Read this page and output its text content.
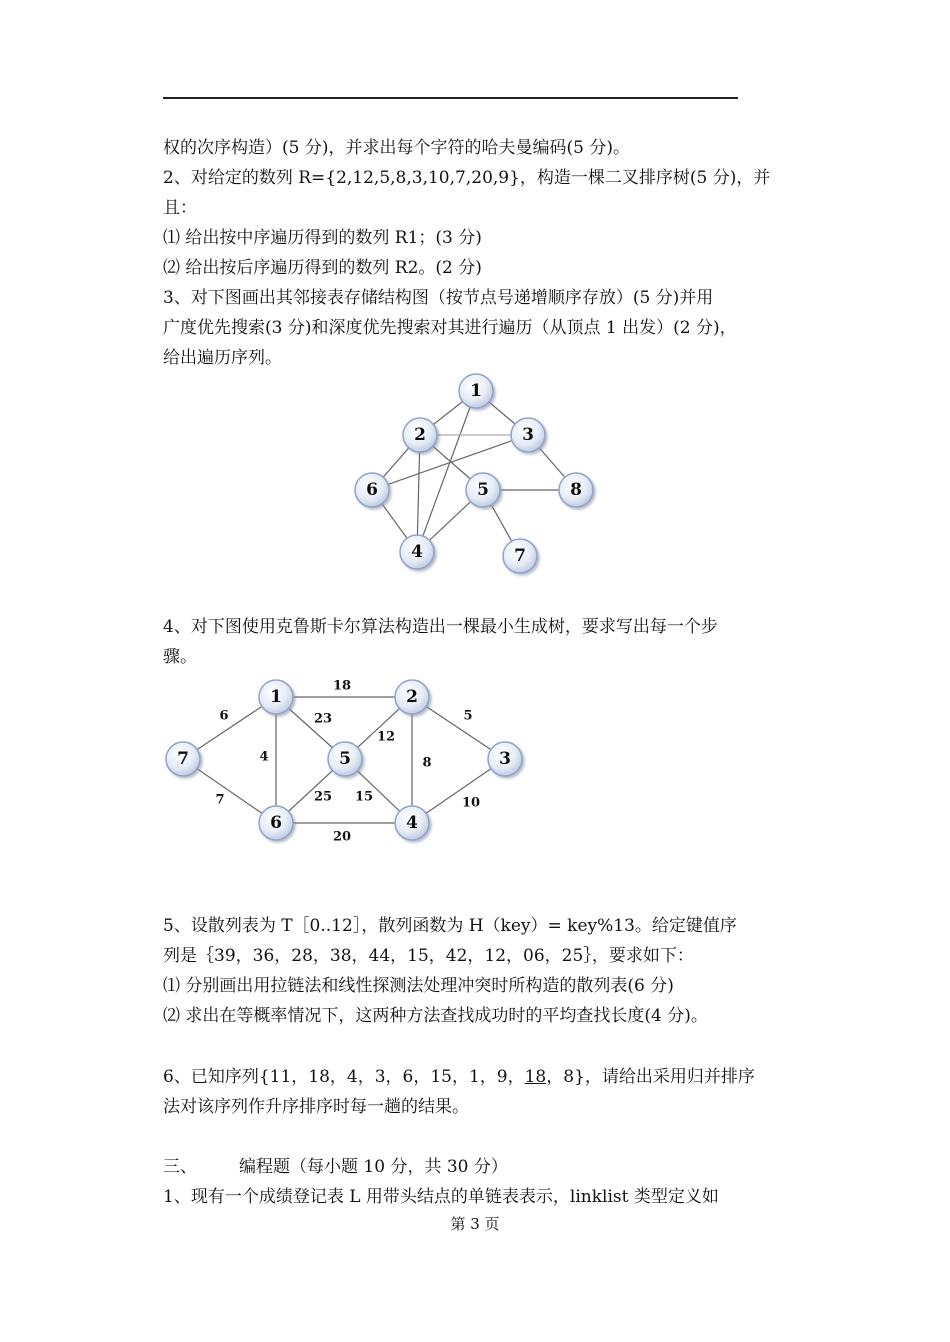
权的次序构造）(5 分)，并求出每个字符的哈夫曼编码(5 分)。
2、对给定的数列 R={2,12,5,8,3,10,7,20,9}，构造一棵二叉排序树(5 分)，并
且：
⑴ 给出按中序遍历得到的数列 R1；(3 分)
⑵ 给出按后序遍历得到的数列 R2。(2 分)
3、对下图画出其邻接表存储结构图（按节点号递增顺序存放）(5 分)并用
广度优先搜索(3 分)和深度优先搜索对其进行遍历（从顶点 1 出发）(2 分)，
给出遍历序列。
4、对下图使用克鲁斯卡尔算法构造出一棵最小生成树，要求写出每一个步
骤。
5、设散列表为 T［0..12］，散列函数为 H（key）= key%13。给定键值序
列是｛39，36，28，38，44，15，42，12，06，25｝，要求如下：
⑴ 分别画出用拉链法和线性探测法处理冲突时所构造的散列表(6 分)
⑵ 求出在等概率情况下，这两种方法查找成功时的平均查找长度(4 分)。
6、已知序列{11，18，4，3，6，15，1，9，18，8}，请给出采用归并排序
法对该序列作升序排序时每一趟的结果。
三、 编程题（每小题 10 分，共 30 分）
1、现有一个成绩登记表 L 用带头结点的单链表表示，linklist 类型定义如
1
2	3
4
5
6
7
8
18
6	23
4
12
5
8
25 15
7	10
20
1	2
3
4
5
6
7
第 3 页
